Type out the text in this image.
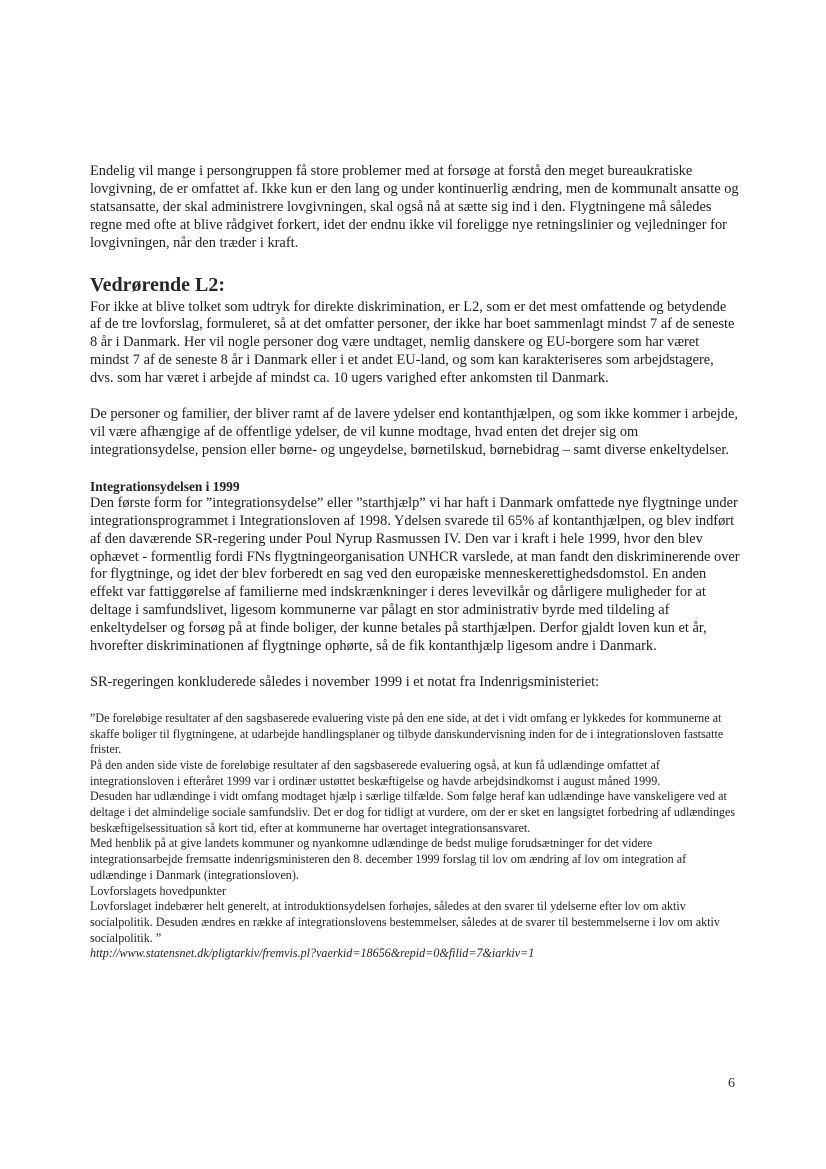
Endelig vil mange i persongruppen få store problemer med at forsøge at forstå den meget bureaukratiske lovgivning, de er omfattet af. Ikke kun er den lang og under kontinuerlig ændring, men de kommunalt ansatte og statsansatte, der skal administrere lovgivningen, skal også nå at sætte sig ind i den. Flygtningene må således regne med ofte at blive rådgivet forkert, idet der endnu ikke vil foreligge nye retningslinier og vejledninger for lovgivningen, når den træder i kraft.

Vedrørende L2:

For ikke at blive tolket som udtryk for direkte diskrimination, er L2, som er det mest omfattende og betydende af de tre lovforslag, formuleret, så at det omfatter personer, der ikke har boet sammenlagt mindst 7 af de seneste 8 år i Danmark. Her vil nogle personer dog være undtaget, nemlig danskere og EU-borgere som har været mindst 7 af de seneste 8 år i Danmark eller i et andet EU-land, og som kan karakteriseres som arbejdstagere, dvs. som har været i arbejde af mindst ca. 10 ugers varighed efter ankomsten til Danmark.

De personer og familier, der bliver ramt af de lavere ydelser end kontanthjælpen, og som ikke kommer i arbejde, vil være afhængige af de offentlige ydelser, de vil kunne modtage, hvad enten det drejer sig om integrationsydelse, pension eller børne- og ungeydelse, børnetilskud, børnebidrag – samt diverse enkeltydelser.

Integrationsydelsen i 1999

Den første form for ”integrationsydelse” eller ”starthjælp” vi har haft i Danmark omfattede nye flygtninge under integrationsprogrammet i Integrationsloven af 1998. Ydelsen svarede til 65% af kontanthjælpen, og blev indført af den daværende SR-regering under Poul Nyrup Rasmussen IV. Den var i kraft i hele 1999, hvor den blev ophævet - formentlig fordi FNs flygtningeorganisation UNHCR varslede, at man fandt den diskriminerende over for flygtninge, og idet der blev forberedt en sag ved den europæiske menneskerettighedsdomstol. En anden effekt var fattiggørelse af familierne med indskrænkninger i deres levevilkår og dårligere muligheder for at deltage i samfundslivet, ligesom kommunerne var pålagt en stor administrativ byrde med tildeling af enkeltydelser og forsøg på at finde boliger, der kunne betales på starthjælpen. Derfor gjaldt loven kun et år, hvorefter diskriminationen af flygtninge ophørte, så de fik kontanthjælp ligesom andre i Danmark.

SR-regeringen konkluderede således i november 1999 i et notat fra Indenrigsministeriet:

”De foreløbige resultater af den sagsbaserede evaluering viste på den ene side, at det i vidt omfang er lykkedes for kommunerne at skaffe boliger til flygtningene, at udarbejde handlingsplaner og tilbyde danskundervisning inden for de i integrationsloven fastsatte frister.

På den anden side viste de foreløbige resultater af den sagsbaserede evaluering også, at kun få udlændinge omfattet af integrationsloven i efteråret 1999 var i ordinær ustøttet beskæftigelse og havde arbejdsindkomst i august måned 1999.

Desuden har udlændinge i vidt omfang modtaget hjælp i særlige tilfælde. Som følge heraf kan udlændinge have vanskeligere ved at deltage i det almindelige sociale samfundsliv. Det er dog for tidligt at vurdere, om der er sket en langsigtet forbedring af udlændinges beskæftigelsessituation så kort tid, efter at kommunerne har overtaget integrationsansvaret.

Med henblik på at give landets kommuner og nyankomne udlændinge de bedst mulige forudsætninger for det videre integrationsarbejde fremsatte indenrigsministeren den 8. december 1999 forslag til lov om ændring af lov om integration af udlændinge i Danmark (integrationsloven).

Lovforslagets hovedpunkter

Lovforslaget indebærer helt generelt, at introduktionsydelsen forhøjes, således at den svarer til ydelserne efter lov om aktiv socialpolitik. Desuden ændres en række af integrationslovens bestemmelser, således at de svarer til bestemmelserne i lov om aktiv socialpolitik. ”

http://www.statensnet.dk/pligtarkiv/fremvis.pl?vaerkid=18656&repid=0&filid=7&iarkiv=1

6
